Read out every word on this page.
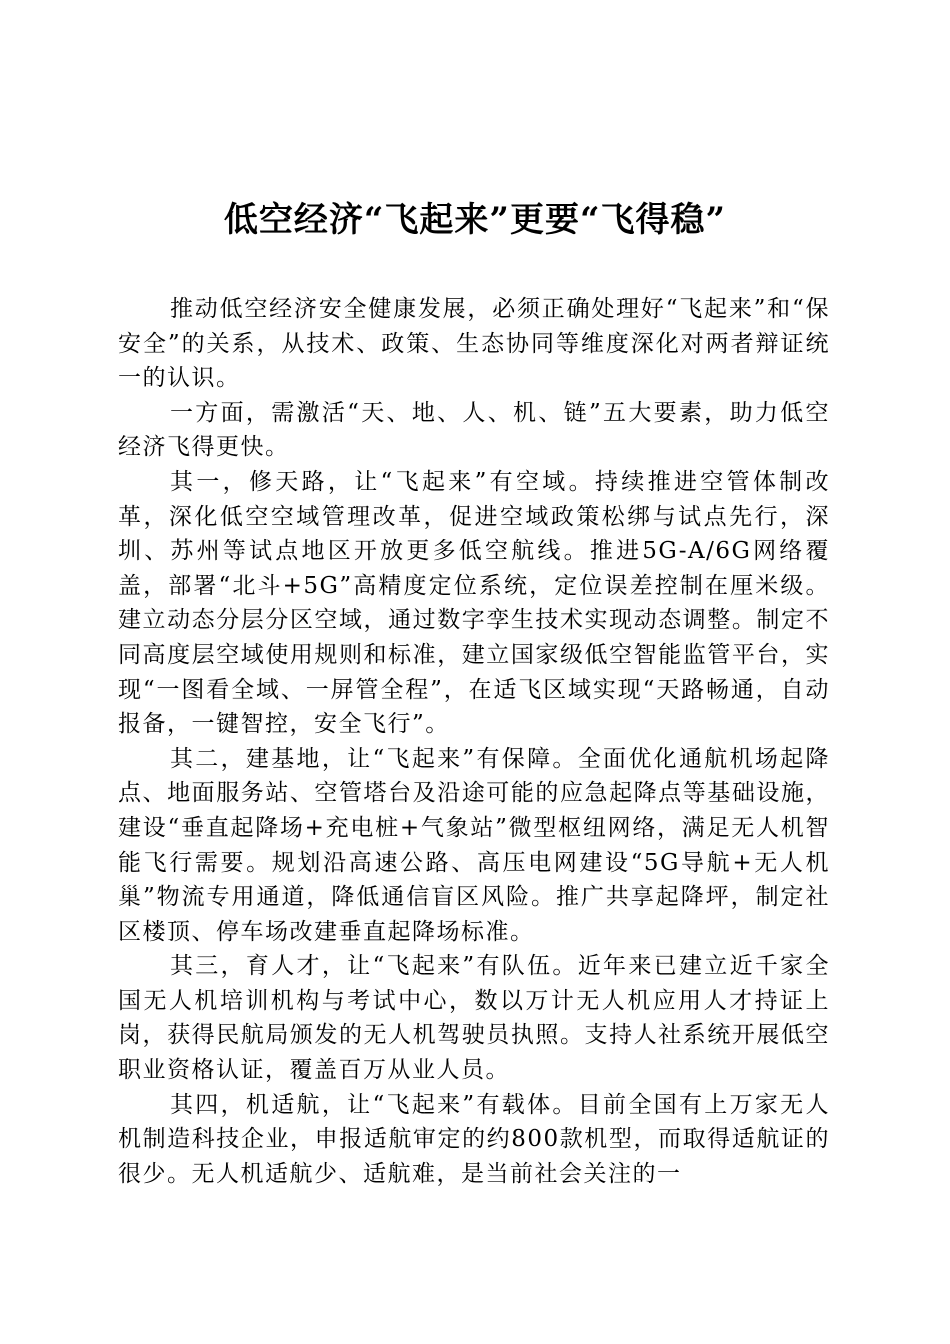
低空经济“飞起来”更要“飞得稳”

推动低空经济安全健康发展，必须正确处理好“飞起来”和“保安全”的关系，从技术、政策、生态协同等维度深化对两者辩证统一的认识。

一方面，需激活“天、地、人、机、链”五大要素，助力低空经济飞得更快。

其一，修天路，让“飞起来”有空域。持续推进空管体制改革，深化低空空域管理改革，促进空域政策松绑与试点先行，深圳、苏州等试点地区开放更多低空航线。推进5G-A/6G网络覆盖，部署“北斗+5G”高精度定位系统，定位误差控制在厘米级。建立动态分层分区空域，通过数字孪生技术实现动态调整。制定不同高度层空域使用规则和标准，建立国家级低空智能监管平台，实现“一图看全域、一屏管全程”，在适飞区域实现“天路畅通，自动报备，一键智控，安全飞行”。

其二，建基地，让“飞起来”有保障。全面优化通航机场起降点、地面服务站、空管塔台及沿途可能的应急起降点等基础设施，建设“垂直起降场+充电桩+气象站”微型枢纽网络，满足无人机智能飞行需要。规划沿高速公路、高压电网建设“5G导航+无人机巢”物流专用通道，降低通信盲区风险。推广共享起降坪，制定社区楼顶、停车场改建垂直起降场标准。

其三，育人才，让“飞起来”有队伍。近年来已建立近千家全国无人机培训机构与考试中心，数以万计无人机应用人才持证上岗，获得民航局颁发的无人机驾驶员执照。支持人社系统开展低空职业资格认证，覆盖百万从业人员。

其四，机适航，让“飞起来”有载体。目前全国有上万家无人机制造科技企业，申报适航审定的约800款机型，而取得适航证的很少。无人机适航少、适航难，是当前社会关注的一
